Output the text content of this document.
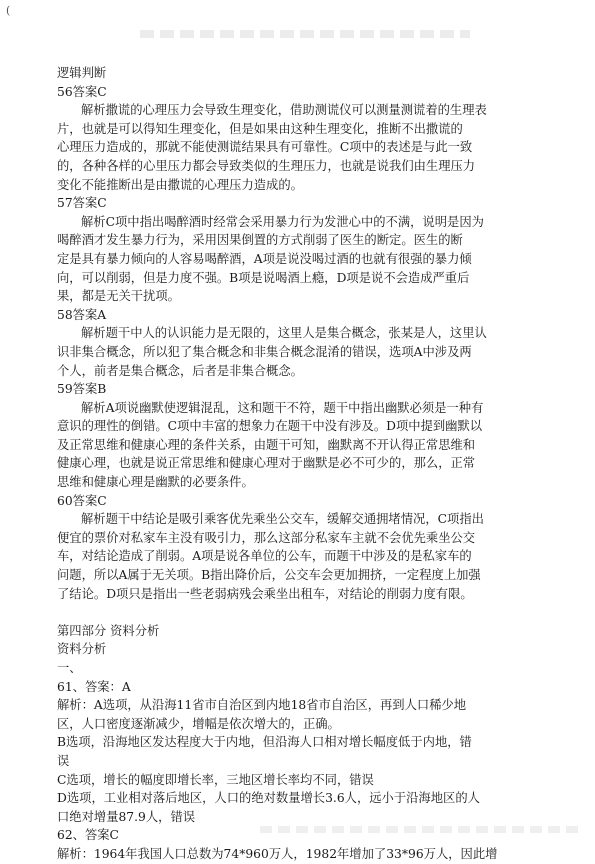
(
逻辑判断
56答案C
解析撒谎的心理压力会导致生理变化，借助测谎仪可以测量测谎着的生理表
片，也就是可以得知生理变化，但是如果由这种生理变化，推断不出撒谎的
心理压力造成的，那就不能使测谎结果具有可靠性。C项中的表述是与此一致
的，各种各样的心里压力都会导致类似的生理压力，也就是说我们由生理压力
变化不能推断出是由撒谎的心理压力造成的。
57答案C
解析C项中指出喝醉酒时经常会采用暴力行为发泄心中的不满，说明是因为
喝醉酒才发生暴力行为，采用因果倒置的方式削弱了医生的断定。医生的断
定是具有暴力倾向的人容易喝醉酒，A项是说没喝过酒的也就有很强的暴力倾
向，可以削弱，但是力度不强。B项是说喝酒上瘾，D项是说不会造成严重后
果，都是无关干扰项。
58答案A
解析题干中人的认识能力是无限的，这里人是集合概念，张某是人，这里认
识非集合概念，所以犯了集合概念和非集合概念混淆的错误，选项A中涉及两
个人，前者是集合概念，后者是非集合概念。
59答案B
解析A项说幽默使逻辑混乱，这和题干不符，题干中指出幽默必须是一种有
意识的理性的倒错。C项中丰富的想象力在题干中没有涉及。D项中提到幽默以
及正常思维和健康心理的条件关系，由题干可知，幽默离不开认得正常思维和
健康心理，也就是说正常思维和健康心理对于幽默是必不可少的，那么，正常
思维和健康心理是幽默的必要条件。
60答案C
解析题干中结论是吸引乘客优先乘坐公交车，缓解交通拥堵情况，C项指出
便宜的票价对私家车主没有吸引力，那么这部分私家车主就不会优先乘坐公交
车，对结论造成了削弱。A项是说各单位的公车，而题干中涉及的是私家车的
问题，所以A属于无关项。B指出降价后，公交车会更加拥挤，一定程度上加强
了结论。D项只是指出一些老弱病残会乘坐出租车，对结论的削弱力度有限。
第四部分 资料分析
资料分析
一、
61、答案：A
解析：A选项，从沿海11省市自治区到内地18省市自治区，再到人口稀少地
区，人口密度逐渐减少，增幅是依次增大的，正确。
B选项，沿海地区发达程度大于内地，但沿海人口相对增长幅度低于内地，错
误
C选项，增长的幅度即增长率，三地区增长率均不同，错误
D选项，工业相对落后地区，人口的绝对数量增长3.6人，远小于沿海地区的人
口绝对增量87.9人，错误
62、答案C
解析：1964年我国人口总数为74*960万人，1982年增加了33*96万人，因此增
